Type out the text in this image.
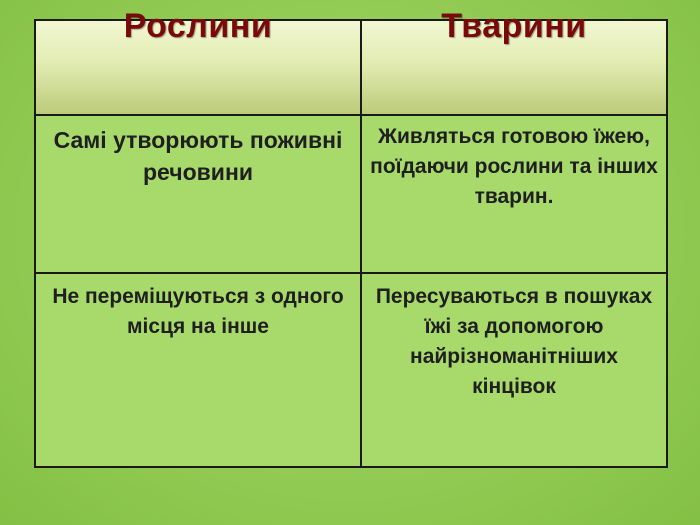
Рослини	Тварини

Самі утворюють поживні речовини	Живляться готовою їжею, поїдаючи рослини та інших тварин.

Не переміщуються з одного місця на інше	Пересуваються в пошуках їжі за допомогою найрізноманітніших кінцівок
